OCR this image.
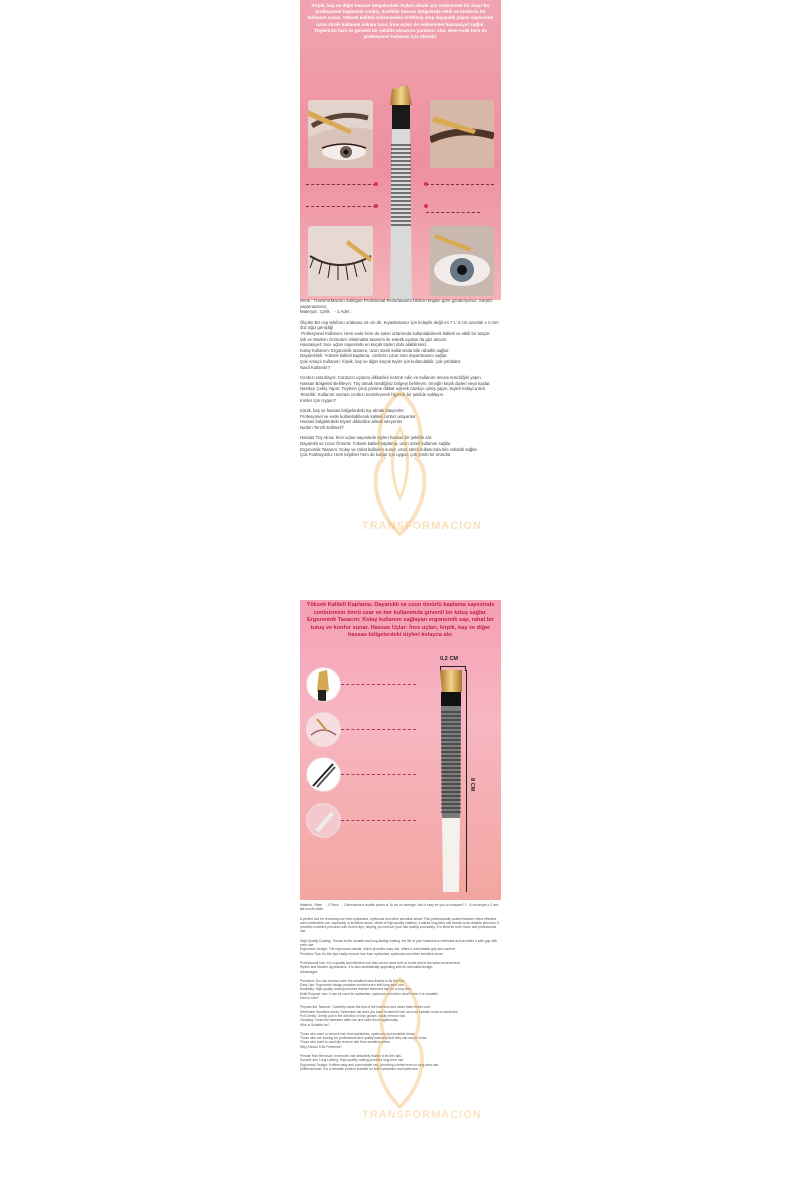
Kirpik, kaş ve diğer hassas bölgelerdeki tüyleri almak için mükemmel bir araç! Bu profesyonel kaplamalı cımbız, özellikle hassas bölgelerde etkili ve konforlu bir kullanım sunar. Yüksek kaliteli malzemeden üretilmiş olup dayanıklı yapısı sayesinde uzun süreli kullanım imkanı tanır. İnce uçları ile mükemmel hassasiyet sağlar. Tüylerinizi hızlı ve güvenli bir şekilde almanıza yardımcı olur. Hem evde hem de profesyonel kullanım için idealdir.
TRANSFORMACION
Renk : TransForMacion Solingen Profesional Renk/tasarım birebir rengine göre gönderiyoruz. Sürpriz yaşamazsınız.
Materyal : Çelik    - 1 Adet .
Ölçüler:Bir cep telefonu ortalama 16 cm dir. Kıyaslamanız için kolaylık değil mi ? 1: 8 cm uzunluk x 2 mm düz ağız genişliği
Profesyonel Kullanım: Hem evde hem de salon ortamında kullanılabilecek kaliteli ve etkili bir araçtır.
Şık ve Modern Görünüm: Minimalist tasarımı ile estetik açıdan da göz alıcıdır.
Hassasiyet: İnce uçları sayesinde en küçük tüyleri dahi alabilirsiniz.
Kolay Kullanım: Ergonomik tasarım, uzun süreli kullanımda bile rahatlık sağlar.
Dayanıklılık: Yüksek kaliteli kaplama, cımbızın uzun süre dayanmasını sağlar.
Çok Amaçlı Kullanım: Kirpik, kaş ve diğer küçük tüyler için kullanılabilir, çok yönlüdür.
Nasıl Kullanılır?
Cımbızı Hazırlayın: Cımbızın uçlarını dikkatlice kontrol edin ve kullanım öncesi temizliğini yapın.
Hassas Bölgeleri Belirleyin: Tüy almak istediğiniz bölgeyi belirleyin, örneğin kirpik dipleri veya kaşlar.
Nazikçe Çekiş Yapın: Tüylerin çıkış yönüne dikkat ederek nazikçe çekiş yapın, tüyleri kolayca alın.
Temizlik: Kullanım sonrası cımbızı temizleyerek hijyenik bir şekilde saklayın.
Kimler İçin Uygun?
Kirpik, kaş ve hassas bölgelerdeki tüy almak isteyenler
Profesyonel ve evde kullanılabilecek kaliteli cımbız arayanlar
Hassas bölgelerdeki tüyleri dikkatlice almak isteyenler
Neden Tercih Edilmeli?
Hassas Tüy Alma: İnce uçları sayesinde tüyleri hassas bir şekilde alır.
Dayanıklı ve Uzun Ömürlü: Yüksek kaliteli kaplama, uzun süreli kullanım sağlar.
Ergonomik Tasarım: Kolay ve rahat kullanım sunar, uzun süreli kullanımda bile rahatlık sağlar.
Çok Fonksiyonlu: Hem kirpikler hem de kaşlar için uygun, çok yönlü bir üründür.
Yüksek Kaliteli Kaplama: Dayanıklı ve uzun ömürlü kaplama sayesinde cımbızınızın ömrü uzar ve her kullanımda güvenli bir tutuş sağlar. Ergonomik Tasarım: Kolay kullanım sağlayan ergonomik sap, rahat bir tutuş ve konfor sunar. Hassas Uçlar: İnce uçları, kirpik, kaş ve diğer hassas bölgelerdeki tüyleri kolayca alır.
0,2 CM
8 CM
TRANSFORMACION
Material : Steel    - 1 Piece .  - Dimensions:a mobile phone is 16 cm on average. Isn't it easy for you to compare? 1 : 8 cm length x 2 mm flat mouth width
A perfect tool for removing hair from eyelashes, eyebrows and other sensitive areas! This professionally coated tweezer offers effective and comfortable use, especially in sensitive areas. Made of high-quality material, it allows long-term use thanks to its durable structure. It provides excellent precision with its thin tips, helping you remove your hair quickly and safely. It is ideal for both home and professional use.
High-Quality Coating: Thanks to the durable and long-lasting coating, the life of your tweezers is extended and provides a safe grip with each use.
Ergonomic Design: The ergonomic handle, which provides easy use, offers a comfortable grip and comfort.
Precision Tips: Its thin tips easily remove hair from eyelashes, eyebrows and other sensitive areas.
Professional Use: It is a quality and effective tool that can be used both at home and in the salon environment.
Stylish and Modern Appearance: It is also aesthetically appealing with its minimalist design.
Advantages
Precision: You can remove even the smallest hairs thanks to its thin tips.
Easy Use: Ergonomic design provides comfort even with long-term use.
Durability: High-quality coating ensures that the tweezers last for a long time.
Multi-Purpose Use: It can be used for eyelashes, eyebrows and other small hairs, it is versatile.
How to Use?
Prepare the Tweezer: Carefully check the tips of the tweezers and clean them before use.
Determine Sensitive Areas: Determine the area you want to remove hair, such as eyelash roots or eyebrows.
Pull Gently: Gently pull in the direction of hair growth, easily remove hair.
Cleaning: Clean the tweezers after use and store them hygienically.
Who is Suitable for?
Those who want to remove hair from eyelashes, eyebrows and sensitive areas
Those who are looking for professional and quality tweezers that they can use at home
Those who want to carefully remove hair from sensitive areas
Why Should It Be Preferred?
Precise Hair Removal: It removes hair delicately thanks to its thin tips.
Durable and Long-Lasting: High-quality coating provides long-term use.
Ergonomic Design: It offers easy and comfortable use, providing comfort even in long-term use.
Multifunctional: It is a versatile product suitable for both eyelashes and eyebrows.
